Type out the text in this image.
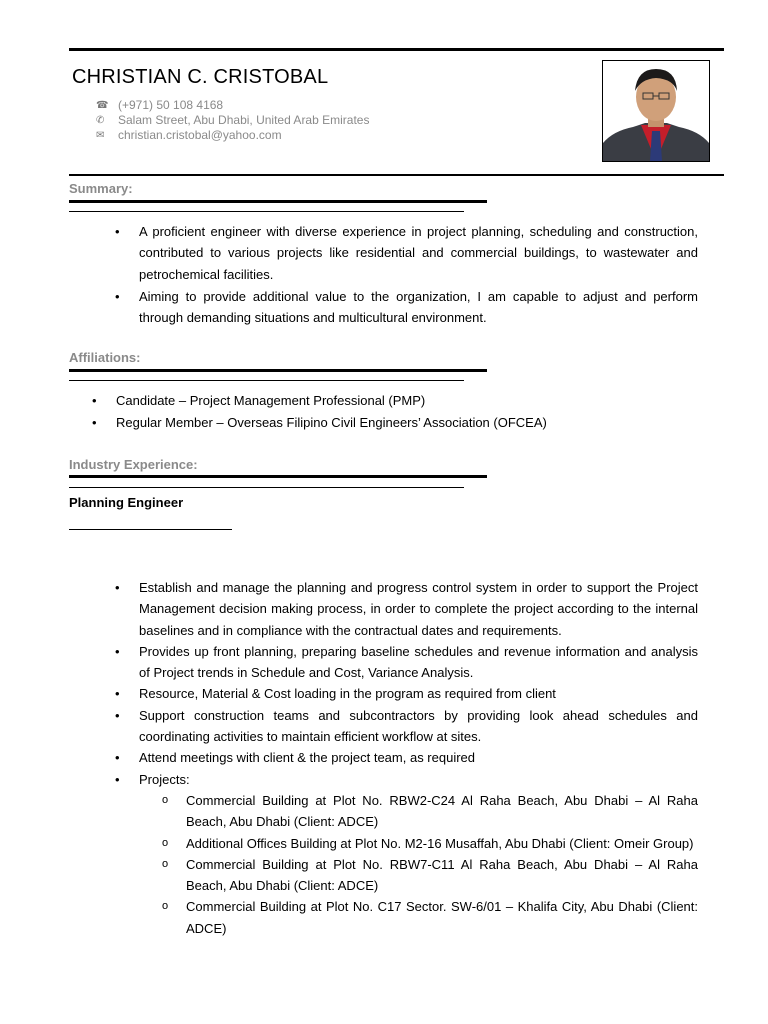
CHRISTIAN C. CRISTOBAL
☎ (+971) 50 108 4168
✆	Salam Street, Abu Dhabi, United Arab Emirates
✉	christian.cristobal@yahoo.com
Summary:
• A proficient engineer with diverse experience in project planning, scheduling and construction, contributed to various projects like residential and commercial buildings, to wastewater and petrochemical facilities.
• Aiming to provide additional value to the organization, I am capable to adjust and perform through demanding situations and multicultural environment.
Affiliations:
• Candidate – Project Management Professional (PMP)
• Regular Member – Overseas Filipino Civil Engineers’ Association (OFCEA)
Industry Experience:
Planning Engineer
• Establish and manage the planning and progress control system in order to support the Project Management decision making process, in order to complete the project according to the internal baselines and in compliance with the contractual dates and requirements.
• Provides up front planning, preparing baseline schedules and revenue information and analysis of Project trends in Schedule and Cost, Variance Analysis.
• Resource, Material & Cost loading in the program as required from client
• Support construction teams and subcontractors by providing look ahead schedules and coordinating activities to maintain efficient workflow at sites.
• Attend meetings with client & the project team, as required
• Projects:
o Commercial Building at Plot No. RBW2-C24 Al Raha Beach, Abu Dhabi – Al Raha Beach, Abu Dhabi (Client: ADCE)
o Additional Offices Building at Plot No. M2-16 Musaffah, Abu Dhabi (Client: Omeir Group)
o Commercial Building at Plot No. RBW7-C11 Al Raha Beach, Abu Dhabi – Al Raha Beach, Abu Dhabi (Client: ADCE)
o Commercial Building at Plot No. C17 Sector. SW-6/01 – Khalifa City, Abu Dhabi (Client: ADCE)
